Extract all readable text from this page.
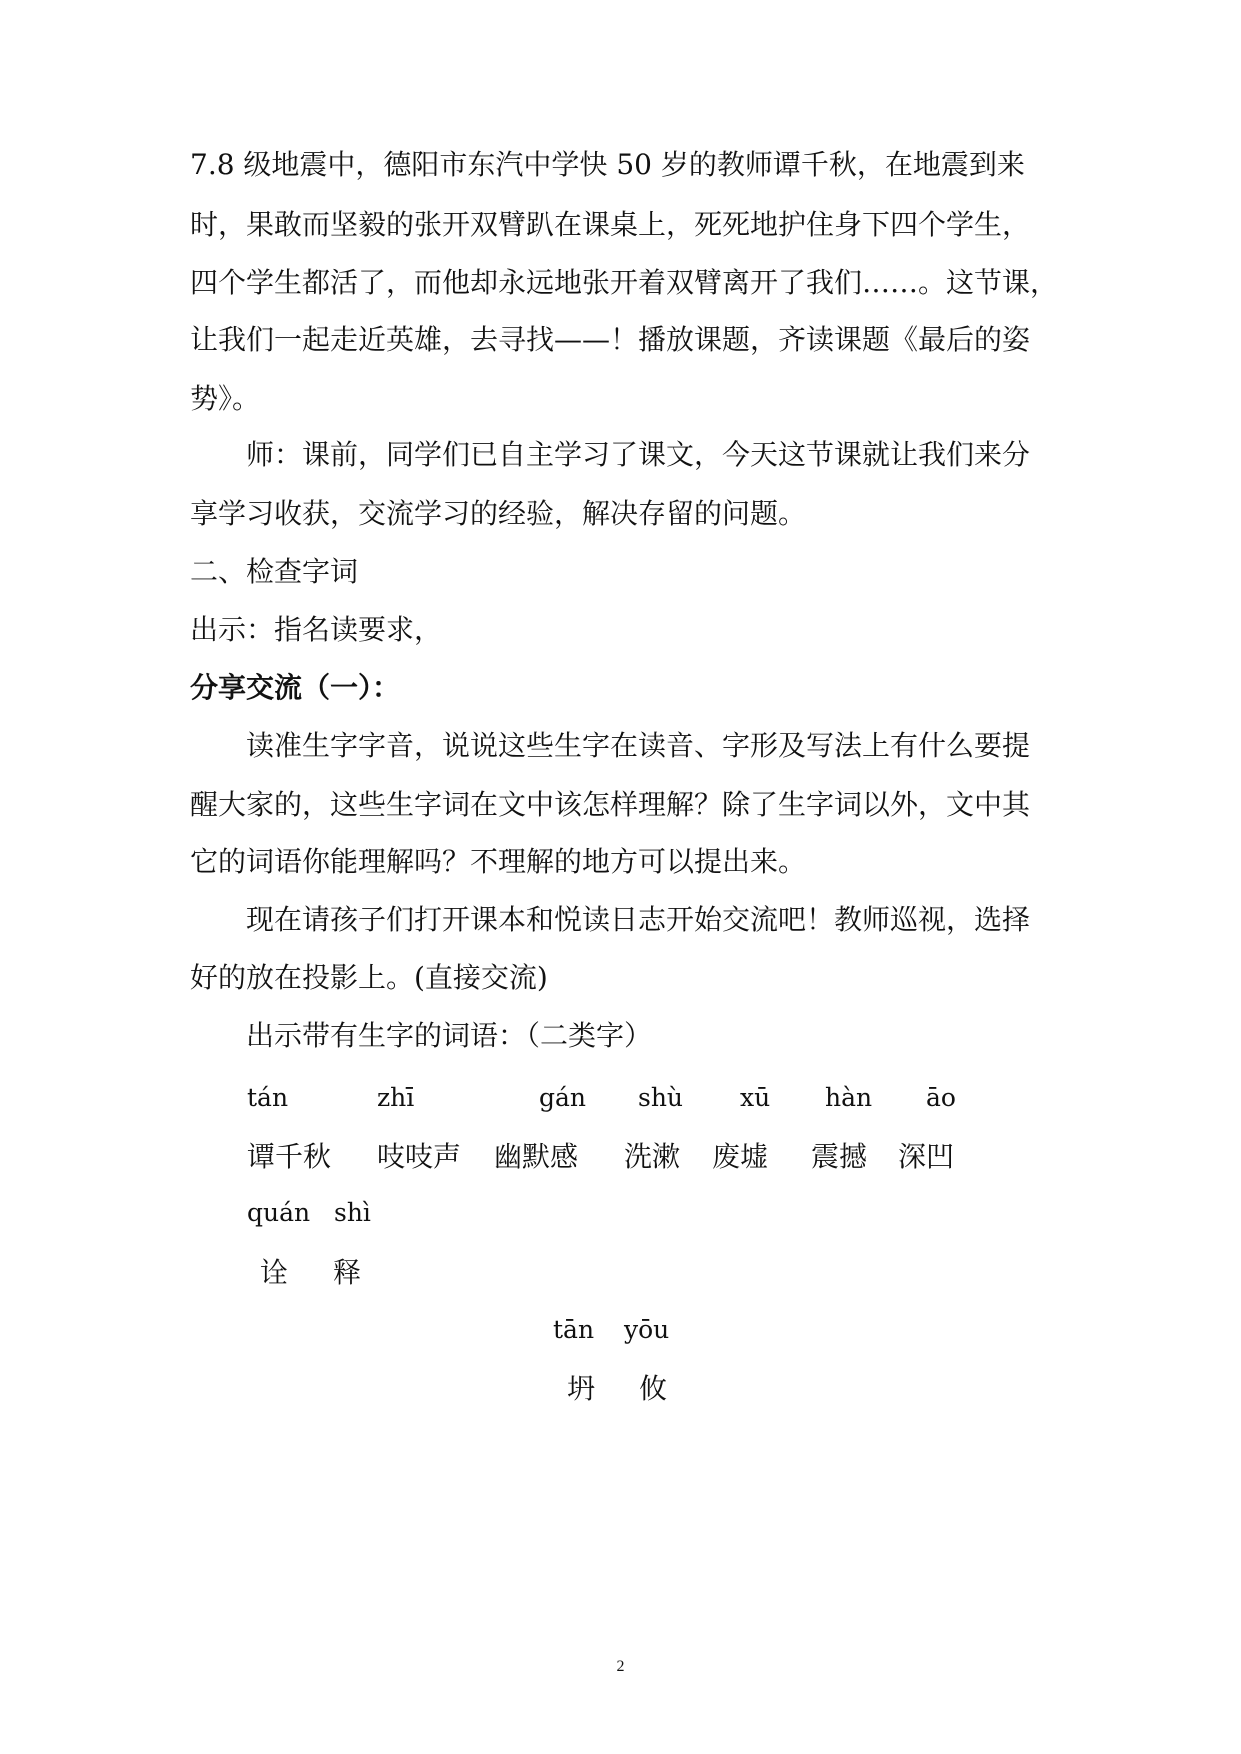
7.8 级地震中，德阳市东汽中学快 50 岁的教师谭千秋，在地震到来
时，果敢而坚毅的张开双臂趴在课桌上，死死地护住身下四个学生，
四个学生都活了，而他却永远地张开着双臂离开了我们……。这节课，
让我们一起走近英雄，去寻找——！播放课题，齐读课题《最后的姿
势》。
　　师：课前，同学们已自主学习了课文，今天这节课就让我们来分
享学习收获，交流学习的经验，解决存留的问题。
二、检查字词
出示：指名读要求，
分享交流（一）：
　　读准生字字音，说说这些生字在读音、字形及写法上有什么要提
醒大家的，这些生字词在文中该怎样理解？除了生字词以外，文中其
它的词语你能理解吗？不理解的地方可以提出来。
　　现在请孩子们打开课本和悦读日志开始交流吧！教师巡视，选择
好的放在投影上。(直接交流)
　　出示带有生字的词语：（二类字）
tán	zhī	gán shù xū hàn āo
谭千秋 吱吱声 幽默感 洗漱 废墟 震撼 深凹
quán shì
诠 释
tān yōu
坍 攸
2
